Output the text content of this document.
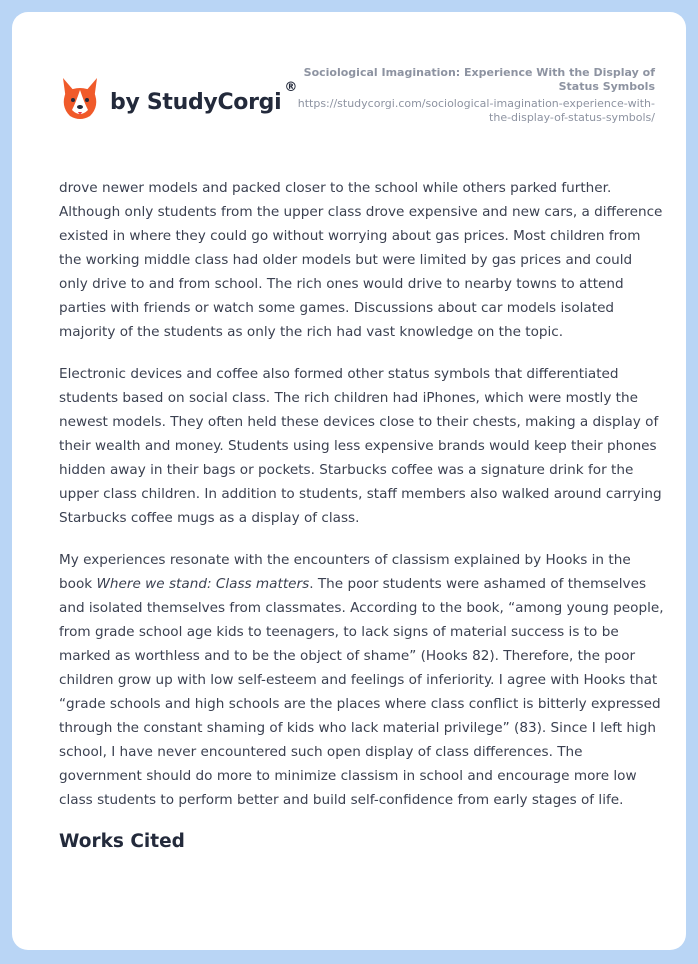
by StudyCorgi
®
Sociological Imagination: Experience With the Display of Status Symbols
https://studycorgi.com/sociological-imagination-experience-with-the-display-of-status-symbols/

drove newer models and packed closer to the school while others parked further. Although only students from the upper class drove expensive and new cars, a difference existed in where they could go without worrying about gas prices. Most children from the working middle class had older models but were limited by gas prices and could only drive to and from school. The rich ones would drive to nearby towns to attend parties with friends or watch some games. Discussions about car models isolated majority of the students as only the rich had vast knowledge on the topic.

Electronic devices and coffee also formed other status symbols that differentiated students based on social class. The rich children had iPhones, which were mostly the newest models. They often held these devices close to their chests, making a display of their wealth and money. Students using less expensive brands would keep their phones hidden away in their bags or pockets. Starbucks coffee was a signature drink for the upper class children. In addition to students, staff members also walked around carrying Starbucks coffee mugs as a display of class.

My experiences resonate with the encounters of classism explained by Hooks in the book Where we stand: Class matters. The poor students were ashamed of themselves and isolated themselves from classmates. According to the book, “among young people, from grade school age kids to teenagers, to lack signs of material success is to be marked as worthless and to be the object of shame” (Hooks 82). Therefore, the poor children grow up with low self-esteem and feelings of inferiority. I agree with Hooks that “grade schools and high schools are the places where class conflict is bitterly expressed through the constant shaming of kids who lack material privilege” (83). Since I left high school, I have never encountered such open display of class differences. The government should do more to minimize classism in school and encourage more low class students to perform better and build self-confidence from early stages of life.

Works Cited
